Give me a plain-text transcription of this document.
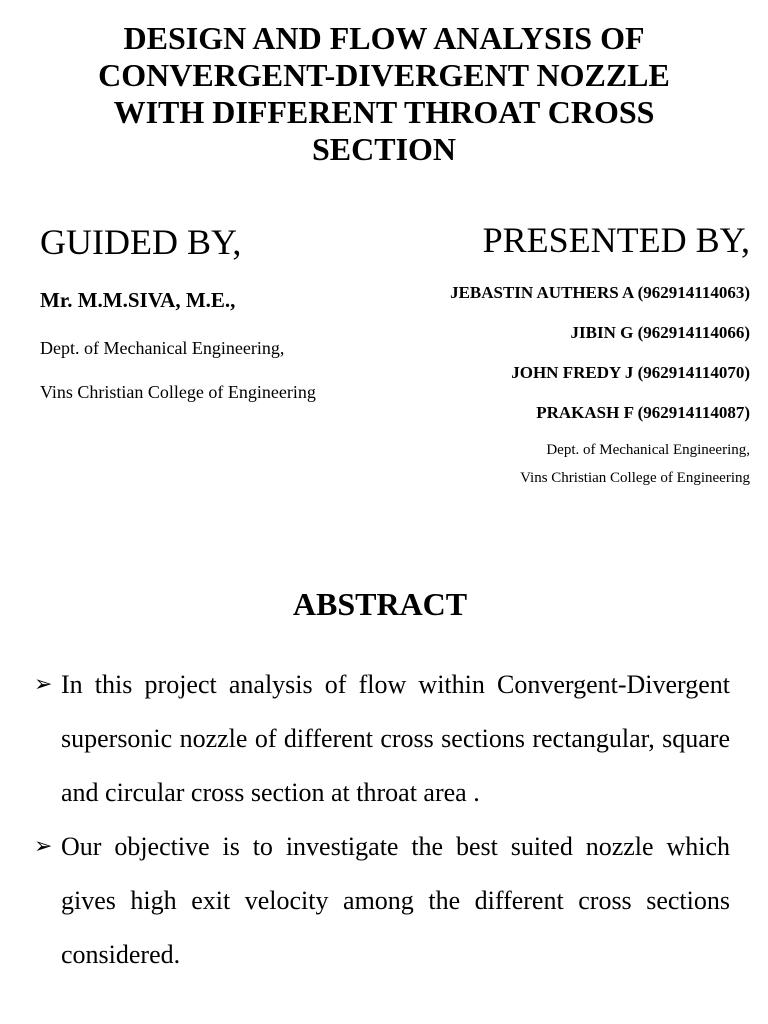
DESIGN AND FLOW ANALYSIS OF
CONVERGENT-DIVERGENT NOZZLE
WITH DIFFERENT THROAT CROSS
SECTION
GUIDED BY,
Mr. M.M.SIVA, M.E.,
Dept. of Mechanical Engineering,
Vins Christian College of Engineering
PRESENTED BY,
JEBASTIN AUTHERS A (962914114063)
JIBIN G (962914114066)
JOHN FREDY J (962914114070)
PRAKASH F (962914114087)
Dept. of Mechanical Engineering,
Vins Christian College of Engineering
ABSTRACT
➢ In this project analysis of flow within Convergent-Divergent supersonic nozzle of different cross sections rectangular, square and circular cross section at throat area .
➢ Our objective is to investigate the best suited nozzle which gives high exit velocity among the different cross sections considered.
